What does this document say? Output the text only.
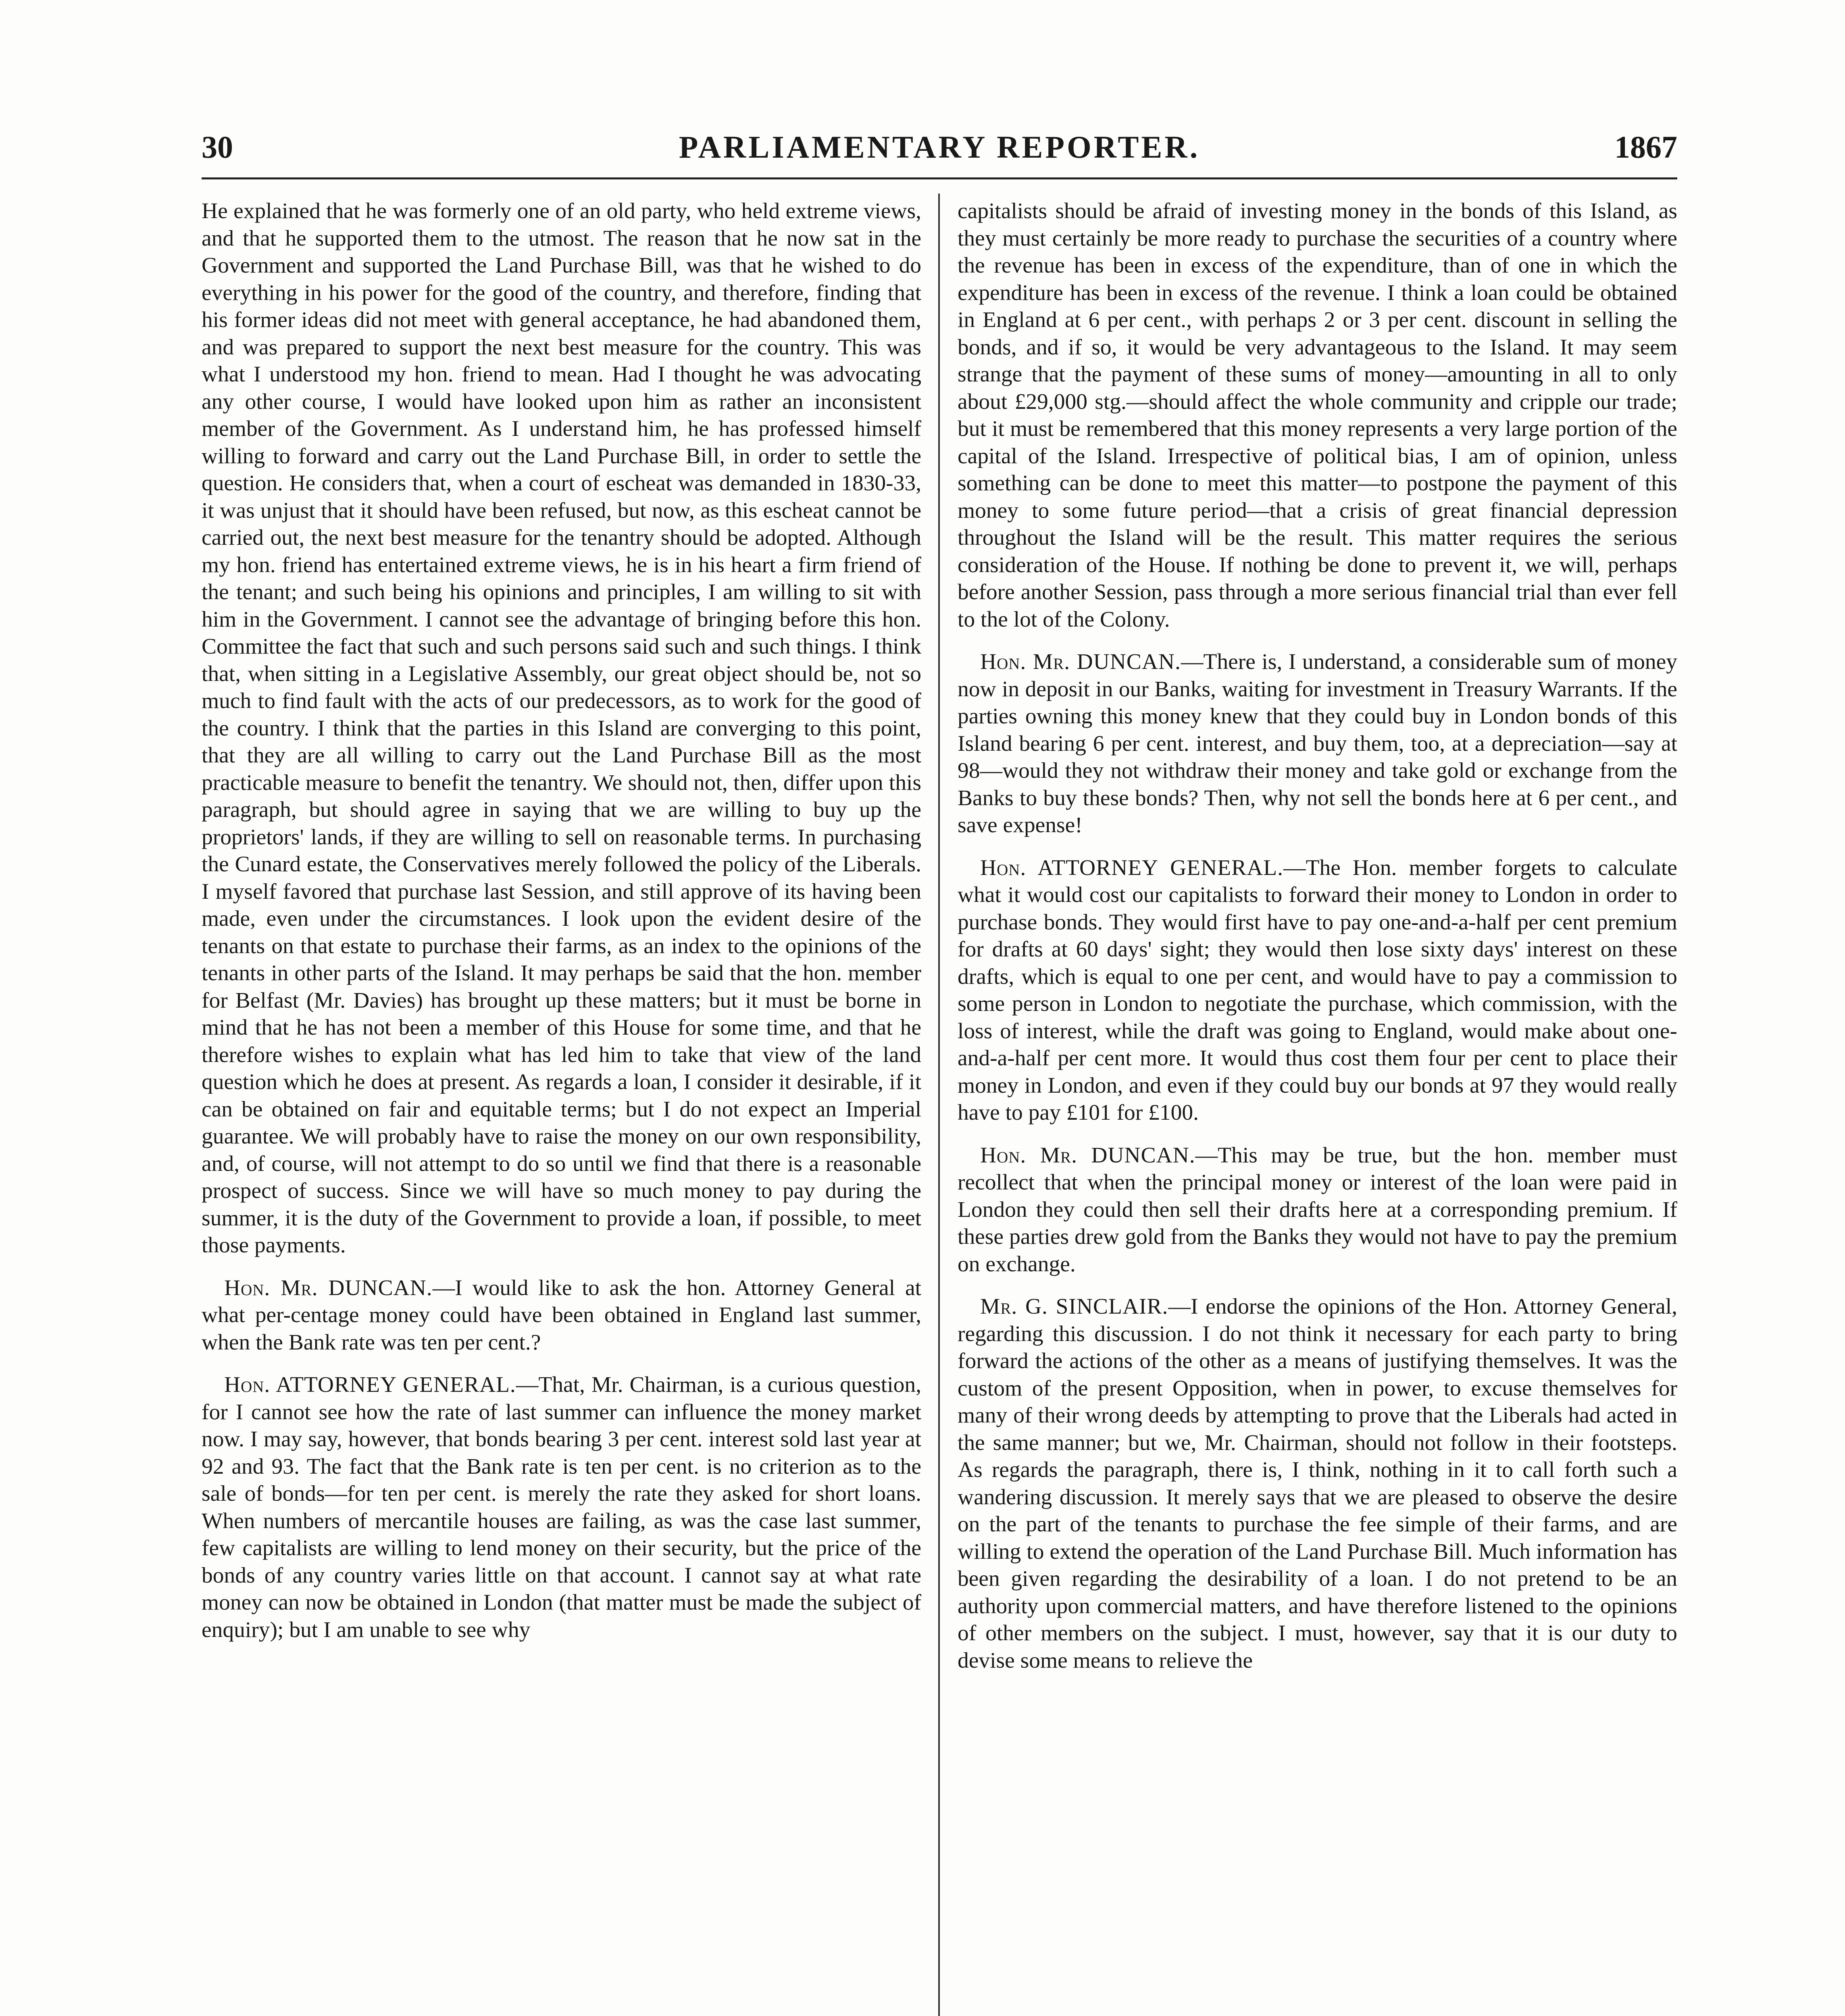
30	PARLIAMENTARY REPORTER.	1867

He explained that he was formerly one of an old party, who held extreme views, and that he supported them to the utmost. The reason that he now sat in the Government and supported the Land Purchase Bill, was that he wished to do everything in his power for the good of the country, and therefore, finding that his former ideas did not meet with general acceptance, he had abandoned them, and was prepared to support the next best measure for the country. This was what I understood my hon. friend to mean. Had I thought he was advocating any other course, I would have looked upon him as rather an inconsistent member of the Government. As I understand him, he has professed himself willing to forward and carry out the Land Purchase Bill, in order to settle the question. He considers that, when a court of escheat was demanded in 1830-33, it was unjust that it should have been refused, but now, as this escheat cannot be carried out, the next best measure for the tenantry should be adopted. Although my hon. friend has entertained extreme views, he is in his heart a firm friend of the tenant; and such being his opinions and principles, I am willing to sit with him in the Government. I cannot see the advantage of bringing before this hon. Committee the fact that such and such persons said such and such things. I think that, when sitting in a Legislative Assembly, our great object should be, not so much to find fault with the acts of our predecessors, as to work for the good of the country. I think that the parties in this Island are converging to this point, that they are all willing to carry out the Land Purchase Bill as the most practicable measure to benefit the tenantry. We should not, then, differ upon this paragraph, but should agree in saying that we are willing to buy up the proprietors' lands, if they are willing to sell on reasonable terms. In purchasing the Cunard estate, the Conservatives merely followed the policy of the Liberals. I myself favored that purchase last Session, and still approve of its having been made, even under the circumstances. I look upon the evident desire of the tenants on that estate to purchase their farms, as an index to the opinions of the tenants in other parts of the Island. It may perhaps be said that the hon. member for Belfast (Mr. Davies) has brought up these matters; but it must be borne in mind that he has not been a member of this House for some time, and that he therefore wishes to explain what has led him to take that view of the land question which he does at present. As regards a loan, I consider it desirable, if it can be obtained on fair and equitable terms; but I do not expect an Imperial guarantee. We will probably have to raise the money on our own responsibility, and, of course, will not attempt to do so until we find that there is a reasonable prospect of success. Since we will have so much money to pay during the summer, it is the duty of the Government to provide a loan, if possible, to meet those payments.

Hon. Mr. DUNCAN.—I would like to ask the hon. Attorney General at what per-centage money could have been obtained in England last summer, when the Bank rate was ten per cent.?

Hon. ATTORNEY GENERAL.—That, Mr. Chairman, is a curious question, for I cannot see how the rate of last summer can influence the money market now. I may say, however, that bonds bearing 3 per cent. interest sold last year at 92 and 93. The fact that the Bank rate is ten per cent. is no criterion as to the sale of bonds—for ten per cent. is merely the rate they asked for short loans. When numbers of mercantile houses are failing, as was the case last summer, few capitalists are willing to lend money on their security, but the price of the bonds of any country varies little on that account. I cannot say at what rate money can now be obtained in London (that matter must be made the subject of enquiry); but I am unable to see why

capitalists should be afraid of investing money in the bonds of this Island, as they must certainly be more ready to purchase the securities of a country where the revenue has been in excess of the expenditure, than of one in which the expenditure has been in excess of the revenue. I think a loan could be obtained in England at 6 per cent., with perhaps 2 or 3 per cent. discount in selling the bonds, and if so, it would be very advantageous to the Island. It may seem strange that the payment of these sums of money—amounting in all to only about £29,000 stg.—should affect the whole community and cripple our trade; but it must be remembered that this money represents a very large portion of the capital of the Island. Irrespective of political bias, I am of opinion, unless something can be done to meet this matter—to postpone the payment of this money to some future period—that a crisis of great financial depression throughout the Island will be the result. This matter requires the serious consideration of the House. If nothing be done to prevent it, we will, perhaps before another Session, pass through a more serious financial trial than ever fell to the lot of the Colony.

Hon. Mr. DUNCAN.—There is, I understand, a considerable sum of money now in deposit in our Banks, waiting for investment in Treasury Warrants. If the parties owning this money knew that they could buy in London bonds of this Island bearing 6 per cent. interest, and buy them, too, at a depreciation—say at 98—would they not withdraw their money and take gold or exchange from the Banks to buy these bonds? Then, why not sell the bonds here at 6 per cent., and save expense!

Hon. ATTORNEY GENERAL.—The Hon. member forgets to calculate what it would cost our capitalists to forward their money to London in order to purchase bonds. They would first have to pay one-and-a-half per cent premium for drafts at 60 days' sight; they would then lose sixty days' interest on these drafts, which is equal to one per cent, and would have to pay a commission to some person in London to negotiate the purchase, which commission, with the loss of interest, while the draft was going to England, would make about one-and-a-half per cent more. It would thus cost them four per cent to place their money in London, and even if they could buy our bonds at 97 they would really have to pay £101 for £100.

Hon. Mr. DUNCAN.—This may be true, but the hon. member must recollect that when the principal money or interest of the loan were paid in London they could then sell their drafts here at a corresponding premium. If these parties drew gold from the Banks they would not have to pay the premium on exchange.

Mr. G. SINCLAIR.—I endorse the opinions of the Hon. Attorney General, regarding this discussion. I do not think it necessary for each party to bring forward the actions of the other as a means of justifying themselves. It was the custom of the present Opposition, when in power, to excuse themselves for many of their wrong deeds by attempting to prove that the Liberals had acted in the same manner; but we, Mr. Chairman, should not follow in their footsteps. As regards the paragraph, there is, I think, nothing in it to call forth such a wandering discussion. It merely says that we are pleased to observe the desire on the part of the tenants to purchase the fee simple of their farms, and are willing to extend the operation of the Land Purchase Bill. Much information has been given regarding the desirability of a loan. I do not pretend to be an authority upon commercial matters, and have therefore listened to the opinions of other members on the subject. I must, however, say that it is our duty to devise some means to relieve the
